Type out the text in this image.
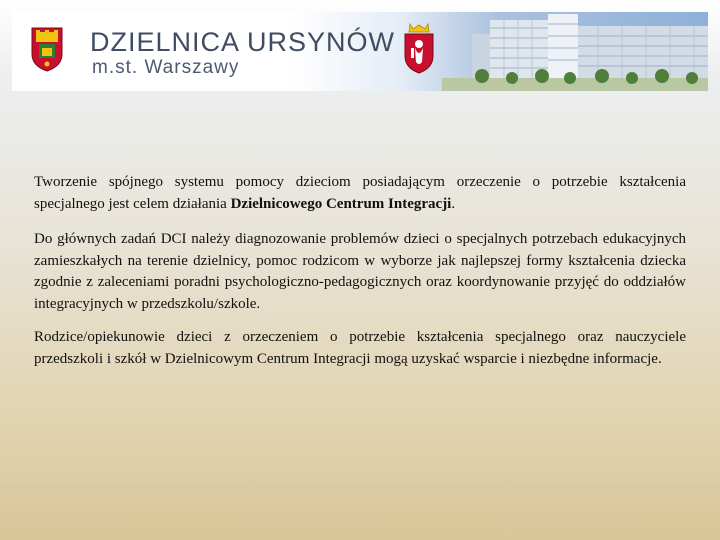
DZIELNICA URSYNÓW
m.st. Warszawy

Tworzenie spójnego systemu pomocy dzieciom posiadającym orzeczenie o potrzebie kształcenia specjalnego jest celem działania Dzielnicowego Centrum Integracji.

Do głównych zadań DCI należy diagnozowanie problemów dzieci o specjalnych potrzebach edukacyjnych zamieszkałych na terenie dzielnicy, pomoc rodzicom w wyborze jak najlepszej formy kształcenia dziecka zgodnie z zaleceniami poradni psychologiczno-pedagogicznych oraz koordynowanie przyjęć do oddziałów integracyjnych w przedszkolu/szkole.

Rodzice/opiekunowie dzieci z orzeczeniem o potrzebie kształcenia specjalnego oraz nauczyciele przedszkoli i szkół w Dzielnicowym Centrum Integracji mogą uzyskać wsparcie i niezbędne informacje.
